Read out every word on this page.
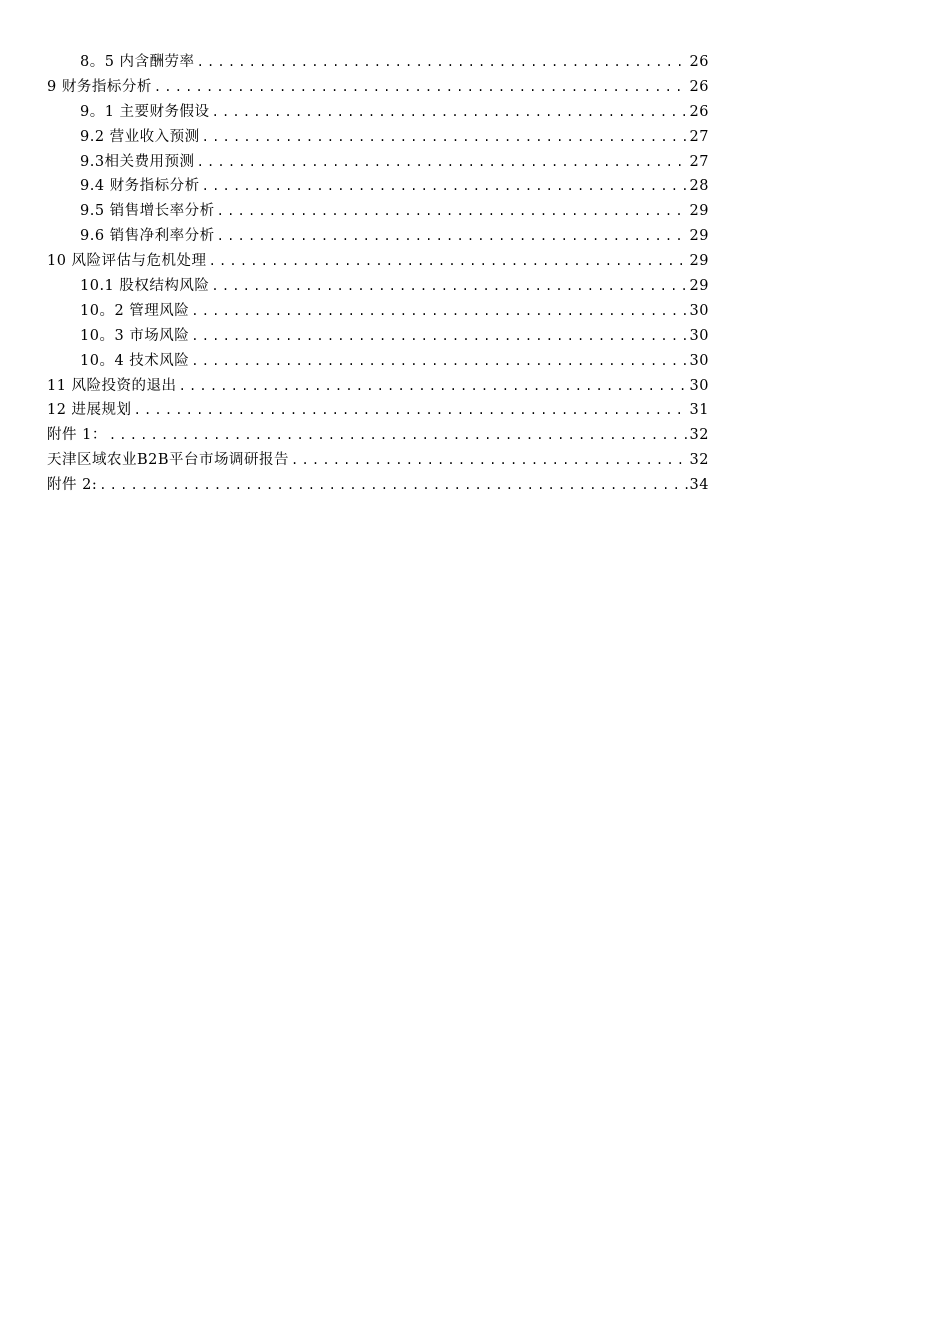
8。5 内含酬劳率 .....	26
9 财务指标分析 .....	26
9。1 主要财务假设 .....	26
9.2 营业收入预测 .....	27
9.3相关费用预测 .....	27
9.4 财务指标分析 .....	28
9.5 销售增长率分析 .....	29
9.6 销售净利率分析 .....	29
10 风险评估与危机处理 .....	29
10.1 股权结构风险 .....	29
10。2 管理风险 .....	30
10。3 市场风险 .....	30
10。4 技术风险 .....	30
11 风险投资的退出 .....	30
12 进展规划 .....	31
附件 1： .....	32
天津区域农业B2B平台市场调研报告 .....	32
附件 2: .....	34
